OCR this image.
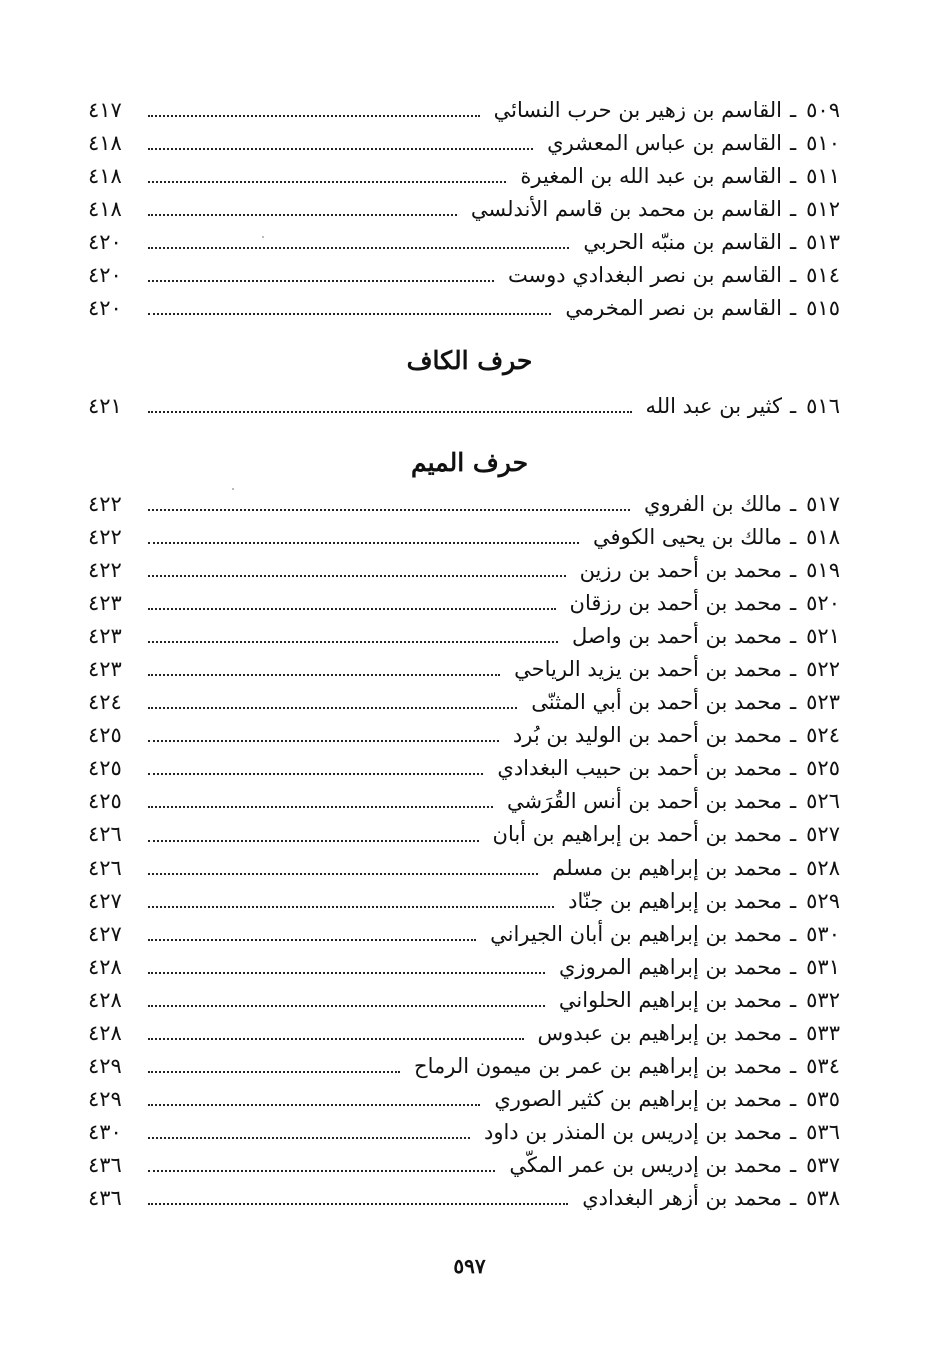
٤١٧	القاسم بن زهير بن حرب النسائي ـ ٥٠٩
٤١٨	القاسم بن عباس المعشري ـ ٥١٠
٤١٨	القاسم بن عبد الله بن المغيرة ـ ٥١١
٤١٨	القاسم بن محمد بن قاسم الأندلسي ـ ٥١٢
٤٢٠	القاسم بن منبّه الحربي ـ ٥١٣
٤٢٠	القاسم بن نصر البغدادي دوست ـ ٥١٤
٤٢٠	القاسم بن نصر المخرمي ـ ٥١٥
حرف الكاف
٤٢١	كثير بن عبد الله ـ ٥١٦
حرف الميم
٤٢٢	مالك بن الفروي ـ ٥١٧
٤٢٢	مالك بن يحيى الكوفي ـ ٥١٨
٤٢٢	محمد بن أحمد بن رزين ـ ٥١٩
٤٢٣	محمد بن أحمد بن رزقان ـ ٥٢٠
٤٢٣	محمد بن أحمد بن واصل ـ ٥٢١
٤٢٣	محمد بن أحمد بن يزيد الرياحي ـ ٥٢٢
٤٢٤	محمد بن أحمد بن أبي المثنّى ـ ٥٢٣
٤٢٥	محمد بن أحمد بن الوليد بن بُرد ـ ٥٢٤
٤٢٥	محمد بن أحمد بن حبيب البغدادي ـ ٥٢٥
٤٢٥	محمد بن أحمد بن أنس القُرَشي ـ ٥٢٦
٤٢٦	محمد بن أحمد بن إبراهيم بن أبان ـ ٥٢٧
٤٢٦	محمد بن إبراهيم بن مسلم ـ ٥٢٨
٤٢٧	محمد بن إبراهيم بن جنّاد ـ ٥٢٩
٤٢٧	محمد بن إبراهيم بن أبان الجيراني ـ ٥٣٠
٤٢٨	محمد بن إبراهيم المروزي ـ ٥٣١
٤٢٨	محمد بن إبراهيم الحلواني ـ ٥٣٢
٤٢٨	محمد بن إبراهيم بن عبدوس ـ ٥٣٣
٤٢٩	محمد بن إبراهيم بن عمر بن ميمون الرماح ـ ٥٣٤
٤٢٩	محمد بن إبراهيم بن كثير الصوري ـ ٥٣٥
٤٣٠	محمد بن إدريس بن المنذر بن داود ـ ٥٣٦
٤٣٦	محمد بن إدريس بن عمر المكّي ـ ٥٣٧
٤٣٦	محمد بن أزهر البغدادي ـ ٥٣٨
٥٩٧
